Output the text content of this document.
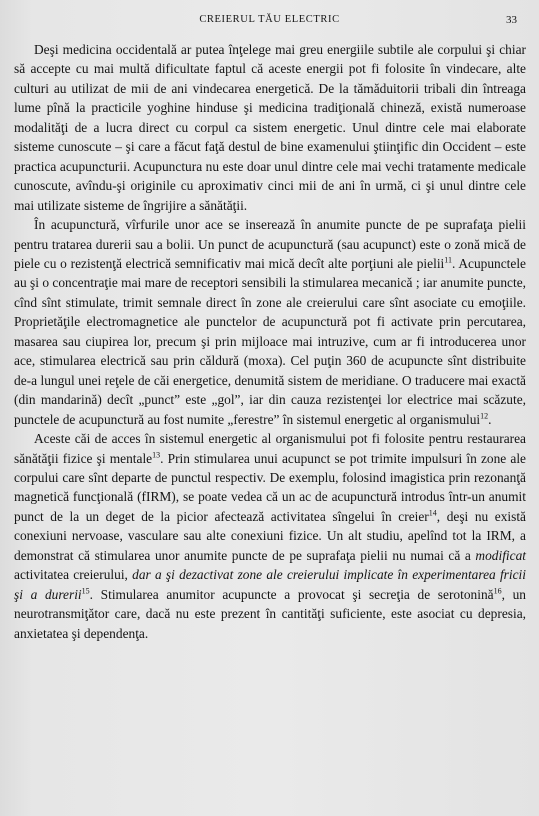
CREIERUL TĂU ELECTRIC	33

Deşi medicina occidentală ar putea înţelege mai greu energiile subtile ale corpului şi chiar să accepte cu mai multă dificultate faptul că aceste energii pot fi folosite în vindecare, alte culturi au utilizat de mii de ani vindecarea energetică. De la tămăduitorii tribali din întreaga lume pînă la practicile yoghine hinduse şi medicina tradiţională chineză, există numeroase modalităţi de a lucra direct cu corpul ca sistem energetic. Unul dintre cele mai elaborate sisteme cunoscute – şi care a făcut faţă destul de bine examenului ştiinţific din Occident – este practica acupuncturii. Acupunctura nu este doar unul dintre cele mai vechi tratamente medicale cunoscute, avîndu-şi originile cu aproximativ cinci mii de ani în urmă, ci şi unul dintre cele mai utilizate sisteme de îngrijire a sănătăţii.

În acupunctură, vîrfurile unor ace se inserează în anumite puncte de pe suprafaţa pielii pentru tratarea durerii sau a bolii. Un punct de acupunctură (sau acupunct) este o zonă mică de piele cu o rezistenţă electrică semnificativ mai mică decît alte porţiuni ale pielii$^{11}$. Acupunctele au şi o concentraţie mai mare de receptori sensibili la stimularea mecanică ; iar anumite puncte, cînd sînt stimulate, trimit semnale direct în zone ale creierului care sînt asociate cu emoţiile. Proprietăţile electromagnetice ale punctelor de acupunctură pot fi activate prin percutarea, masarea sau ciupirea lor, precum şi prin mijloace mai intruzive, cum ar fi introducerea unor ace, stimularea electrică sau prin căldură (moxa). Cel puţin 360 de acupuncte sînt distribuite de-a lungul unei reţele de căi energetice, denumită sistem de meridiane. O traducere mai exactă (din mandarină) decît „punct” este „gol”, iar din cauza rezistenţei lor electrice mai scăzute, punctele de acupunctură au fost numite „ferestre” în sistemul energetic al organismului$^{12}$.

Aceste căi de acces în sistemul energetic al organismului pot fi folosite pentru restaurarea sănătăţii fizice şi mentale$^{13}$. Prin stimularea unui acupunct se pot trimite impulsuri în zone ale corpului care sînt departe de punctul respectiv. De exemplu, folosind imagistica prin rezonanţă magnetică funcţională (fIRM), se poate vedea că un ac de acupunctură introdus într-un anumit punct de la un deget de la picior afectează activitatea sîngelui în creier$^{14}$, deşi nu există conexiuni nervoase, vasculare sau alte conexiuni fizice. Un alt studiu, apelînd tot la IRM, a demonstrat că stimularea unor anumite puncte de pe suprafaţa pielii nu numai că a modificat activitatea creierului, dar a şi dezactivat zone ale creierului implicate în experimentarea fricii şi a durerii$^{15}$. Stimularea anumitor acupuncte a provocat şi secreţia de serotonină$^{16}$, un neurotransmiţător care, dacă nu este prezent în cantităţi suficiente, este asociat cu depresia, anxietatea şi dependenţa.
